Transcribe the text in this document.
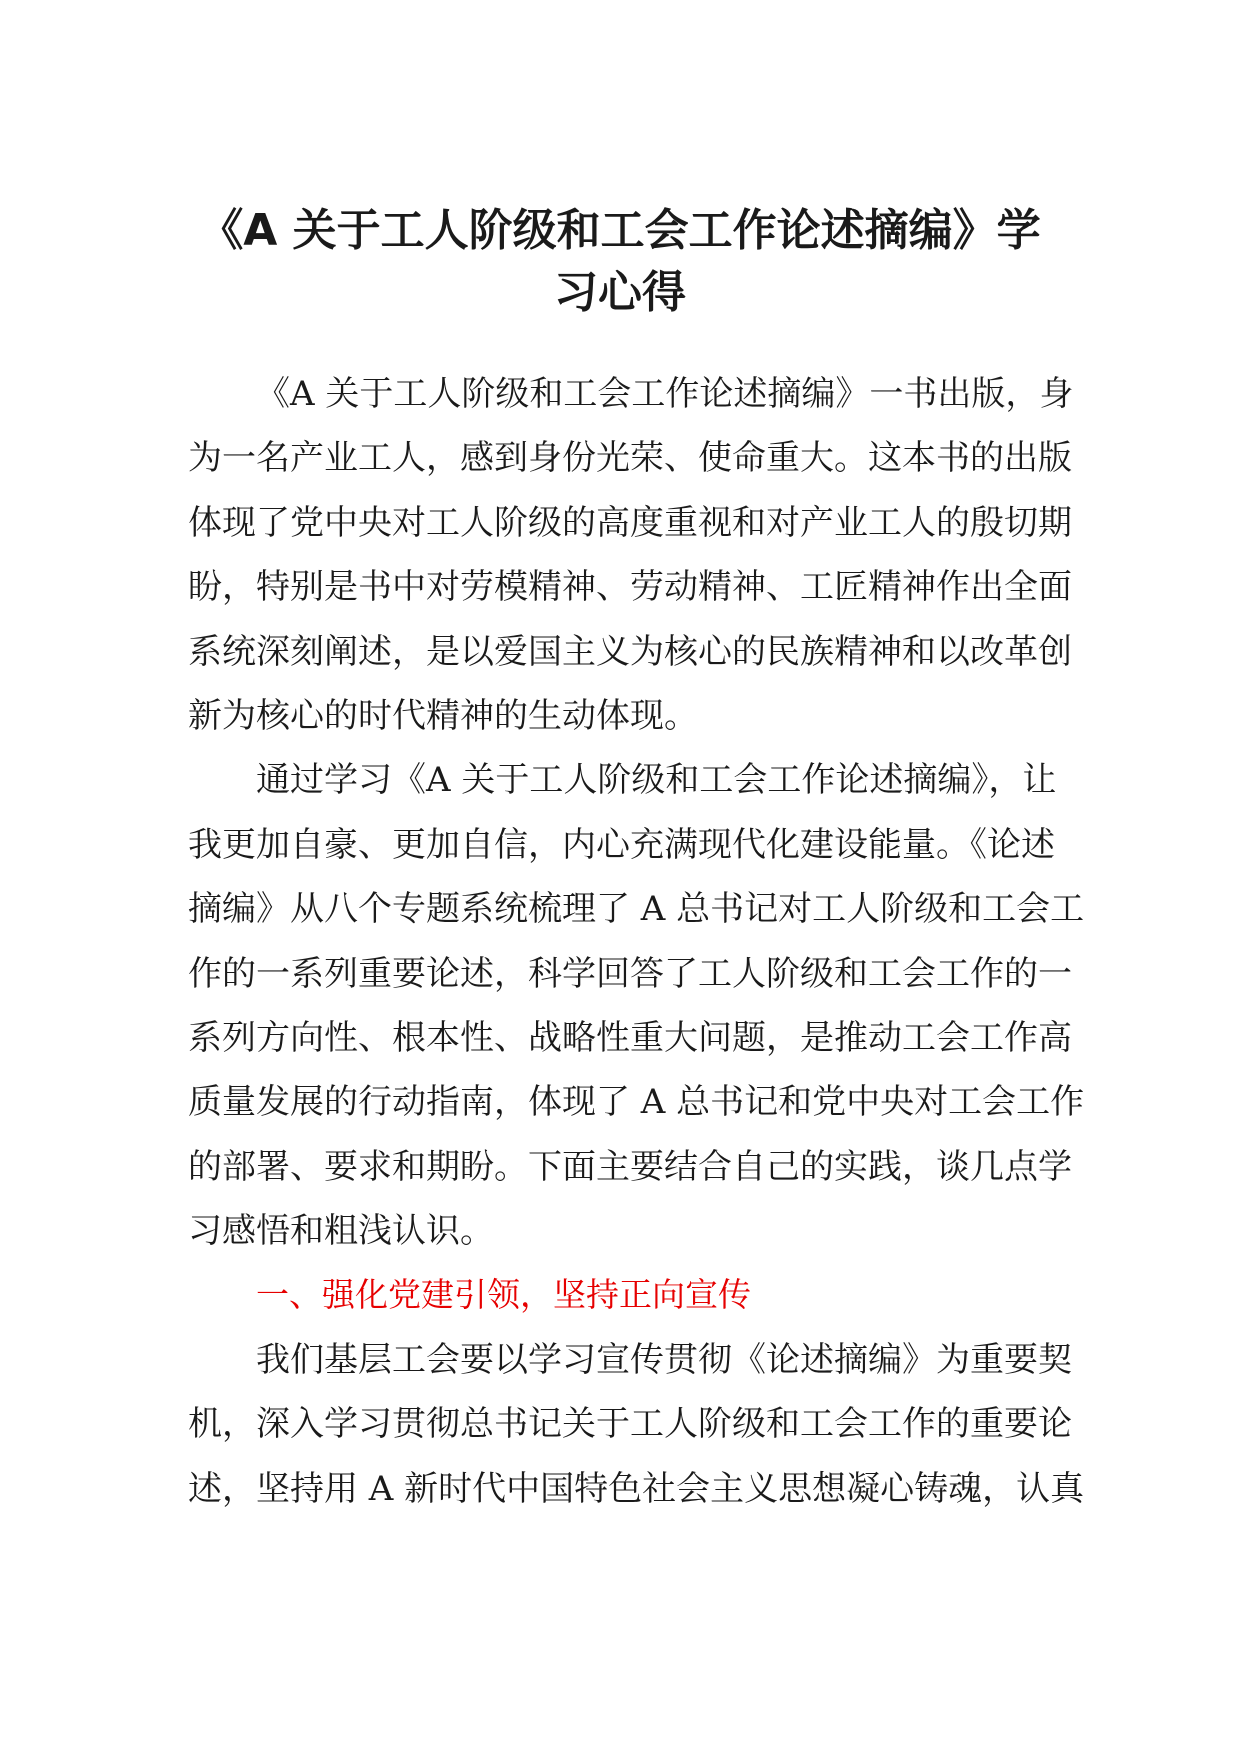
《A 关于工人阶级和工会工作论述摘编》学
习心得
《A 关于工人阶级和工会工作论述摘编》一书出版，身
为一名产业工人，感到身份光荣、使命重大。这本书的出版
体现了党中央对工人阶级的高度重视和对产业工人的殷切期
盼，特别是书中对劳模精神、劳动精神、工匠精神作出全面
系统深刻阐述，是以爱国主义为核心的民族精神和以改革创
新为核心的时代精神的生动体现。
通过学习《A 关于工人阶级和工会工作论述摘编》，让
我更加自豪、更加自信，内心充满现代化建设能量。《论述
摘编》从八个专题系统梳理了 A 总书记对工人阶级和工会工
作的一系列重要论述，科学回答了工人阶级和工会工作的一
系列方向性、根本性、战略性重大问题，是推动工会工作高
质量发展的行动指南，体现了 A 总书记和党中央对工会工作
的部署、要求和期盼。下面主要结合自己的实践，谈几点学
习感悟和粗浅认识。
一、强化党建引领，坚持正向宣传
我们基层工会要以学习宣传贯彻《论述摘编》为重要契
机，深入学习贯彻总书记关于工人阶级和工会工作的重要论
述，坚持用 A 新时代中国特色社会主义思想凝心铸魂，认真
